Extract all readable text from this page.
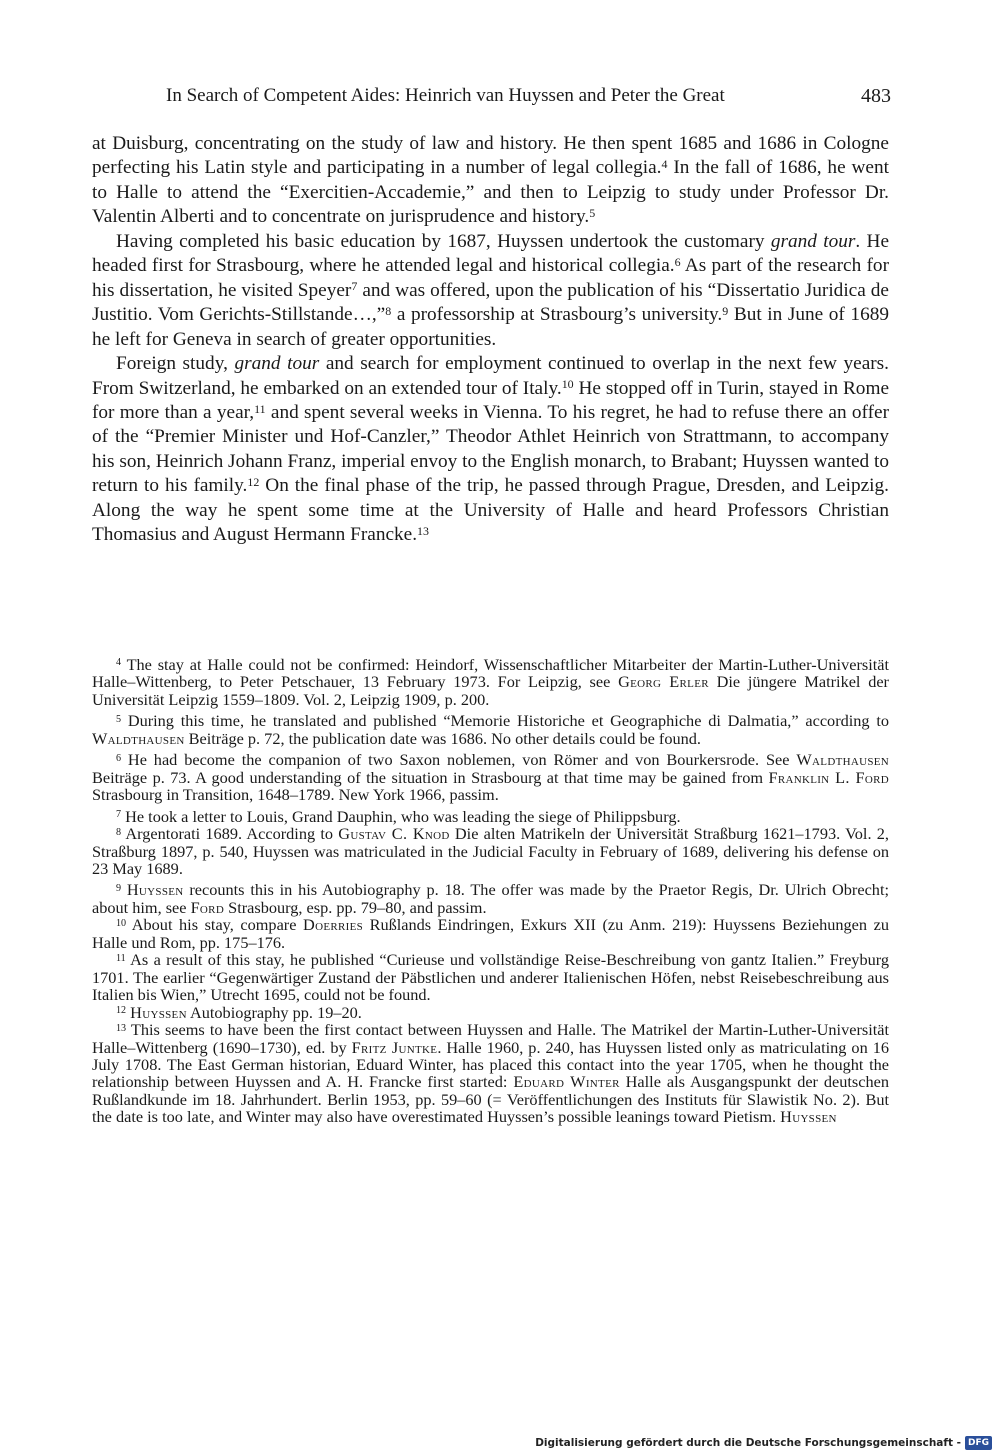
In Search of Competent Aides: Heinrich van Huyssen and Peter the Great	483

at Duisburg, concentrating on the study of law and history. He then spent 1685 and 1686 in Cologne perfecting his Latin style and participating in a number of legal collegia.$^4$ In the fall of 1686, he went to Halle to attend the “Exercitien-Accademie,” and then to Leipzig to study under Professor Dr. Valentin Alberti and to concentrate on jurisprudence and history.$^5$

Having completed his basic education by 1687, Huyssen undertook the customary grand tour. He headed first for Strasbourg, where he attended legal and historical collegia.$^6$ As part of the research for his dissertation, he visited Speyer$^7$ and was offered, upon the publication of his “Dissertatio Juridica de Justitio. Vom Gerichts-Stillstande…,”$^8$ a professorship at Strasbourg’s university.$^9$ But in June of 1689 he left for Geneva in search of greater opportunities.

Foreign study, grand tour and search for employment continued to overlap in the next few years. From Switzerland, he embarked on an extended tour of Italy.$^{10}$ He stopped off in Turin, stayed in Rome for more than a year,$^{11}$ and spent several weeks in Vienna. To his regret, he had to refuse there an offer of the “Premier Minister und Hof-Canzler,” Theodor Athlet Heinrich von Strattmann, to accompany his son, Heinrich Johann Franz, imperial envoy to the English monarch, to Brabant; Huyssen wanted to return to his family.$^{12}$ On the final phase of the trip, he passed through Prague, Dresden, and Leipzig. Along the way he spent some time at the University of Halle and heard Professors Christian Thomasius and August Hermann Francke.$^{13}$

$^4$ The stay at Halle could not be confirmed: Heindorf, Wissenschaftlicher Mitarbeiter der Martin-Luther-Universität Halle–Wittenberg, to Peter Petschauer, 13 February 1973. For Leipzig, see Georg Erler Die jüngere Matrikel der Universität Leipzig 1559–1809. Vol. 2, Leipzig 1909, p. 200.

$^5$ During this time, he translated and published “Memorie Historiche et Geographiche di Dalmatia,” according to Waldthausen Beiträge p. 72, the publication date was 1686. No other details could be found.

$^6$ He had become the companion of two Saxon noblemen, von Römer and von Bourkersrode. See Waldthausen Beiträge p. 73. A good understanding of the situation in Strasbourg at that time may be gained from Franklin L. Ford Strasbourg in Transition, 1648–1789. New York 1966, passim.

$^7$ He took a letter to Louis, Grand Dauphin, who was leading the siege of Philippsburg.

$^8$ Argentorati 1689. According to Gustav C. Knod Die alten Matrikeln der Universität Straßburg 1621–1793. Vol. 2, Straßburg 1897, p. 540, Huyssen was matriculated in the Judicial Faculty in February of 1689, delivering his defense on 23 May 1689.

$^9$ Huyssen recounts this in his Autobiography p. 18. The offer was made by the Praetor Regis, Dr. Ulrich Obrecht; about him, see Ford Strasbourg, esp. pp. 79–80, and passim.

$^{10}$ About his stay, compare Doerries Rußlands Eindringen, Exkurs XII (zu Anm. 219): Huyssens Beziehungen zu Halle und Rom, pp. 175–176.

$^{11}$ As a result of this stay, he published “Curieuse und vollständige Reise-Beschreibung von gantz Italien.” Freyburg 1701. The earlier “Gegenwärtiger Zustand der Päbstlichen und anderer Italienischen Höfen, nebst Reisebeschreibung aus Italien bis Wien,” Utrecht 1695, could not be found.

$^{12}$ Huyssen Autobiography pp. 19–20.

$^{13}$ This seems to have been the first contact between Huyssen and Halle. The Matrikel der Martin-Luther-Universität Halle–Wittenberg (1690–1730), ed. by Fritz Juntke. Halle 1960, p. 240, has Huyssen listed only as matriculating on 16 July 1708. The East German historian, Eduard Winter, has placed this contact into the year 1705, when he thought the relationship between Huyssen and A. H. Francke first started: Eduard Winter Halle als Ausgangspunkt der deutschen Rußlandkunde im 18. Jahrhundert. Berlin 1953, pp. 59–60 (= Veröffentlichungen des Instituts für Slawistik No. 2). But the date is too late, and Winter may also have overestimated Huyssen’s possible leanings toward Pietism. Huyssen

Digitalisierung gefördert durch die Deutsche Forschungsgemeinschaft - DFG
